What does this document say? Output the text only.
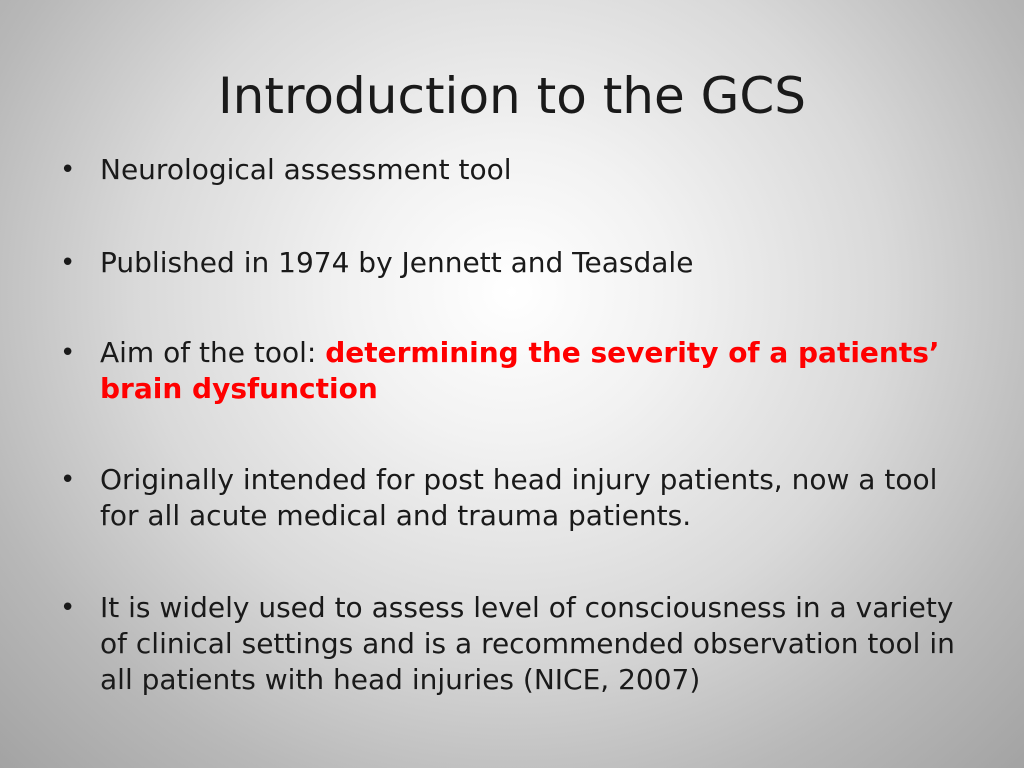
Introduction to the GCS
• Neurological assessment tool
• Published in 1974 by Jennett and Teasdale
• Aim of the tool: determining the severity of a patients’ brain dysfunction
• Originally intended for post head injury patients, now a tool for all acute medical and trauma patients.
• It is widely used to assess level of consciousness in a variety of clinical settings and is a recommended observation tool in all patients with head injuries (NICE, 2007)
